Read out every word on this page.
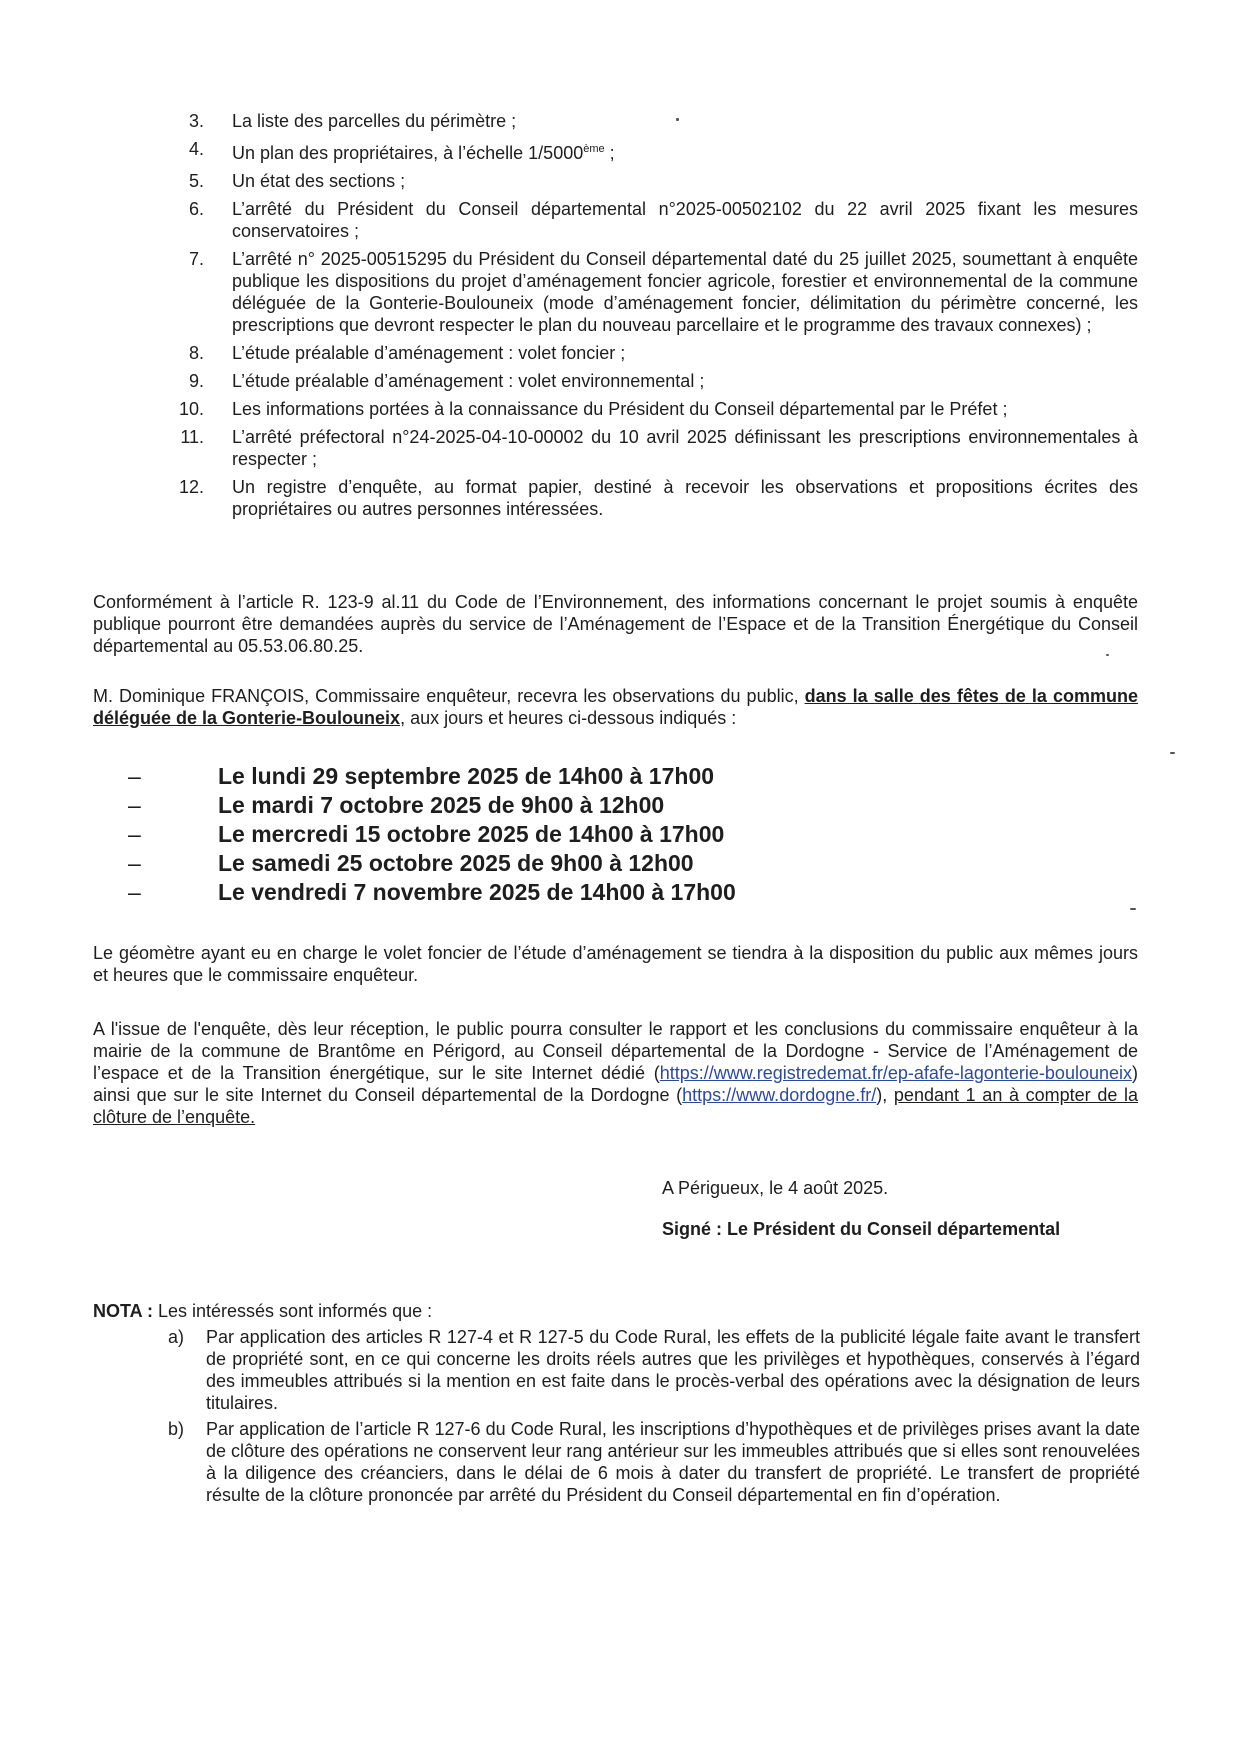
3. La liste des parcelles du périmètre ;
4. Un plan des propriétaires, à l’échelle 1/5000ème ;
5. Un état des sections ;
6. L’arrêté du Président du Conseil départemental n°2025-00502102 du 22 avril 2025 fixant les mesures conservatoires ;
7. L’arrêté n° 2025-00515295 du Président du Conseil départemental daté du 25 juillet 2025, soumettant à enquête publique les dispositions du projet d’aménagement foncier agricole, forestier et environnemental de la commune déléguée de la Gonterie-Boulouneix (mode d’aménagement foncier, délimitation du périmètre concerné, les prescriptions que devront respecter le plan du nouveau parcellaire et le programme des travaux connexes) ;
8. L’étude préalable d’aménagement : volet foncier ;
9. L’étude préalable d’aménagement : volet environnemental ;
10. Les informations portées à la connaissance du Président du Conseil départemental par le Préfet ;
11. L’arrêté préfectoral n°24-2025-04-10-00002 du 10 avril 2025 définissant les prescriptions environnementales à respecter ;
12. Un registre d’enquête, au format papier, destiné à recevoir les observations et propositions écrites des propriétaires ou autres personnes intéressées.

Conformément à l’article R. 123-9 al.11 du Code de l’Environnement, des informations concernant le projet soumis à enquête publique pourront être demandées auprès du service de l’Aménagement de l’Espace et de la Transition Énergétique du Conseil départemental au 05.53.06.80.25.

M. Dominique FRANÇOIS, Commissaire enquêteur, recevra les observations du public, dans la salle des fêtes de la commune déléguée de la Gonterie-Boulouneix, aux jours et heures ci-dessous indiqués :

–	Le lundi 29 septembre 2025 de 14h00 à 17h00
–	Le mardi 7 octobre 2025 de 9h00 à 12h00
–	Le mercredi 15 octobre 2025 de 14h00 à 17h00
–	Le samedi 25 octobre 2025 de 9h00 à 12h00
–	Le vendredi 7 novembre 2025 de 14h00 à 17h00

Le géomètre ayant eu en charge le volet foncier de l’étude d’aménagement se tiendra à la disposition du public aux mêmes jours et heures que le commissaire enquêteur.

A l'issue de l'enquête, dès leur réception, le public pourra consulter le rapport et les conclusions du commissaire enquêteur à la mairie de la commune de Brantôme en Périgord, au Conseil départemental de la Dordogne - Service de l’Aménagement de l’espace et de la Transition énergétique, sur le site Internet dédié (https://www.registredemat.fr/ep-afafe-lagonterie-boulouneix) ainsi que sur le site Internet du Conseil départemental de la Dordogne (https://www.dordogne.fr/), pendant 1 an à compter de la clôture de l’enquête.

A Périgueux, le 4 août 2025.

Signé : Le Président du Conseil départemental

NOTA : Les intéressés sont informés que :

a) Par application des articles R 127-4 et R 127-5 du Code Rural, les effets de la publicité légale faite avant le transfert de propriété sont, en ce qui concerne les droits réels autres que les privilèges et hypothèques, conservés à l’égard des immeubles attribués si la mention en est faite dans le procès-verbal des opérations avec la désignation de leurs titulaires.
b) Par application de l’article R 127-6 du Code Rural, les inscriptions d’hypothèques et de privilèges prises avant la date de clôture des opérations ne conservent leur rang antérieur sur les immeubles attribués que si elles sont renouvelées à la diligence des créanciers, dans le délai de 6 mois à dater du transfert de propriété. Le transfert de propriété résulte de la clôture prononcée par arrêté du Président du Conseil départemental en fin d’opération.
